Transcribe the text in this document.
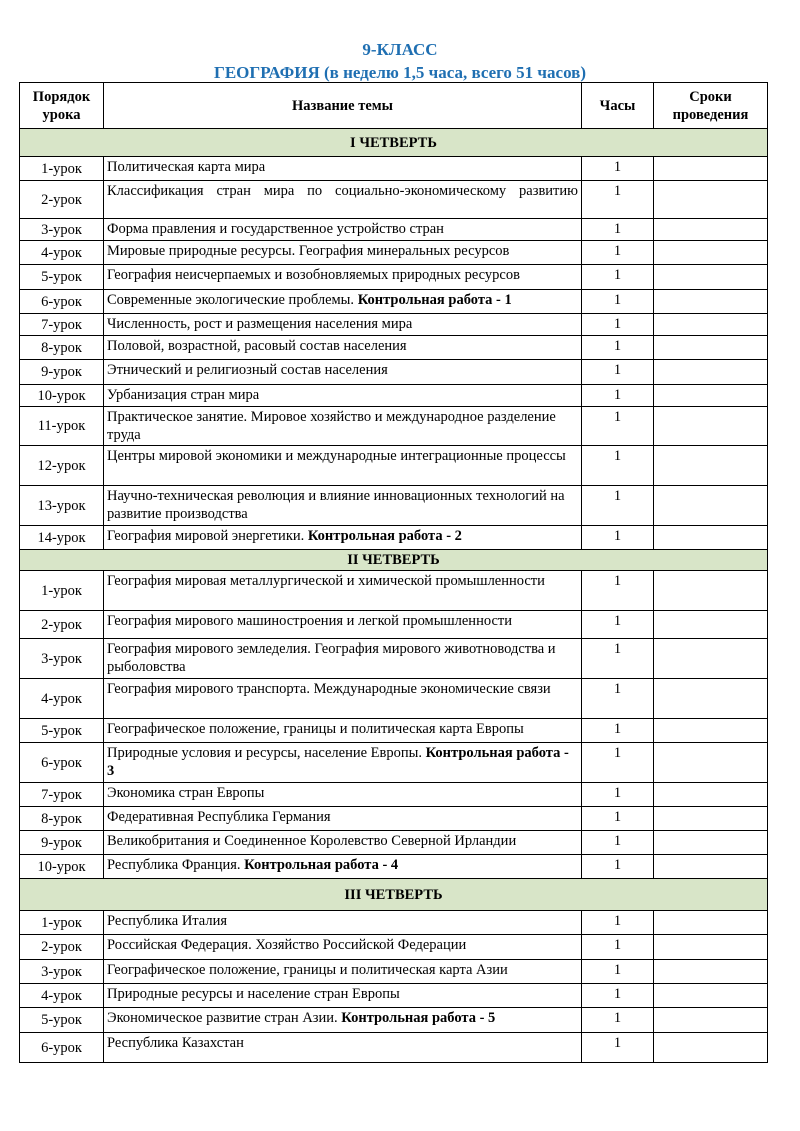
9-КЛАСС
ГЕОГРАФИЯ (в неделю 1,5 часа, всего 51 часов)
Порядок урока	Название темы	Часы	Сроки проведения
I ЧЕТВЕРТЬ			
1-урок	Политическая карта мира	1	
2-урок	Классификация стран мира по социально-экономическому развитию	1	
3-урок	Форма правления и государственное устройство стран	1	
4-урок	Мировые природные ресурсы. География минеральных ресурсов	1	
5-урок	География неисчерпаемых и возобновляемых природных ресурсов	1	
6-урок	Современные экологические проблемы. Контрольная работа - 1	1	
7-урок	Численность, рост и размещения населения мира	1	
8-урок	Половой, возрастной, расовый состав населения	1	
9-урок	Этнический и религиозный состав населения	1	
10-урок	Урбанизация стран мира	1	
11-урок	Практическое занятие. Мировое хозяйство и международное разделение труда	1	
12-урок	Центры мировой экономики и международные интеграционные процессы	1	
13-урок	Научно-техническая революция и влияние инновационных технологий на развитие производства	1	
14-урок	География мировой энергетики. Контрольная работа - 2	1	
II ЧЕТВЕРТЬ			
1-урок	География мировая металлургической и химической промышленности	1	
2-урок	География мирового машиностроения и легкой промышленности	1	
3-урок	География мирового земледелия. География мирового животноводства и рыболовства	1	
4-урок	География мирового транспорта. Международные экономические связи	1	
5-урок	Географическое положение, границы и политическая карта Европы	1	
6-урок	Природные условия и ресурсы, население Европы. Контрольная работа - 3	1	
7-урок	Экономика стран Европы	1	
8-урок	Федеративная Республика Германия	1	
9-урок	Великобритания и Соединенное Королевство Северной Ирландии	1	
10-урок	Республика Франция. Контрольная работа - 4	1	
III ЧЕТВЕРТЬ			
1-урок	Республика Италия	1	
2-урок	Российская Федерация. Хозяйство Российской Федерации	1	
3-урок	Географическое положение, границы и политическая карта Азии	1	
4-урок	Природные ресурсы и население стран Европы	1	
5-урок	Экономическое развитие стран Азии. Контрольная работа - 5	1	
6-урок	Республика Казахстан	1	
